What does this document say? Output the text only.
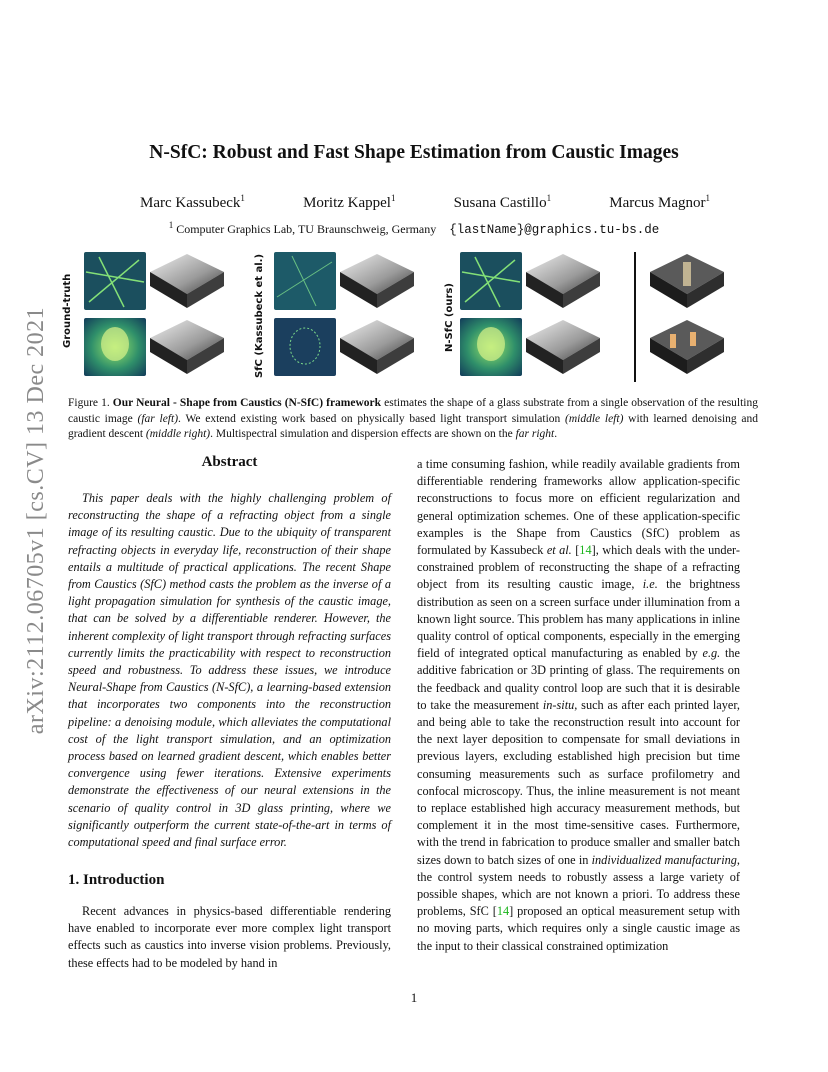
arXiv:2112.06705v1 [cs.CV] 13 Dec 2021
N-SfC: Robust and Fast Shape Estimation from Caustic Images
Marc Kassubeck$^1$	Moritz Kappel$^1$	Susana Castillo$^1$	Marcus Magnor$^1$
$^1$ Computer Graphics Lab, TU Braunschweig, Germany {lastName}@graphics.tu-bs.de
Ground-truth	SfC (Kassubeck et al.)	N-SfC (ours)
Figure 1. Our Neural - Shape from Caustics (N-SfC) framework estimates the shape of a glass substrate from a single observation of the resulting caustic image (far left). We extend existing work based on physically based light transport simulation (middle left) with learned denoising and gradient descent (middle right). Multispectral simulation and dispersion effects are shown on the far right.
Abstract
This paper deals with the highly challenging problem of reconstructing the shape of a refracting object from a single image of its resulting caustic. Due to the ubiquity of transparent refracting objects in everyday life, reconstruction of their shape entails a multitude of practical applications. The recent Shape from Caustics (SfC) method casts the problem as the inverse of a light propagation simulation for synthesis of the caustic image, that can be solved by a differentiable renderer. However, the inherent complexity of light transport through refracting surfaces currently limits the practicability with respect to reconstruction speed and robustness. To address these issues, we introduce Neural-Shape from Caustics (N-SfC), a learning-based extension that incorporates two components into the reconstruction pipeline: a denoising module, which alleviates the computational cost of the light transport simulation, and an optimization process based on learned gradient descent, which enables better convergence using fewer iterations. Extensive experiments demonstrate the effectiveness of our neural extensions in the scenario of quality control in 3D glass printing, where we significantly outperform the current state-of-the-art in terms of computational speed and final surface error.
1. Introduction
Recent advances in physics-based differentiable rendering have enabled to incorporate ever more complex light transport effects such as caustics into inverse vision problems. Previously, these effects had to be modeled by hand in
a time consuming fashion, while readily available gradients from differentiable rendering frameworks allow application-specific reconstructions to focus more on efficient regularization and general optimization schemes. One of these application-specific examples is the Shape from Caustics (SfC) problem as formulated by Kassubeck et al. [14], which deals with the under-constrained problem of reconstructing the shape of a refracting object from its resulting caustic image, i.e. the brightness distribution as seen on a screen surface under illumination from a known light source. This problem has many applications in inline quality control of optical components, especially in the emerging field of integrated optical manufacturing as enabled by e.g. the additive fabrication or 3D printing of glass. The requirements on the feedback and quality control loop are such that it is desirable to take the measurement in-situ, such as after each printed layer, and being able to take the reconstruction result into account for the next layer deposition to compensate for small deviations in previous layers, excluding established high precision but time consuming measurements such as surface profilometry and confocal microscopy. Thus, the inline measurement is not meant to replace established high accuracy measurement methods, but complement it in the most time-sensitive cases. Furthermore, with the trend in fabrication to produce smaller and smaller batch sizes down to batch sizes of one in individualized manufacturing, the control system needs to robustly assess a large variety of possible shapes, which are not known a priori. To address these problems, SfC [14] proposed an optical measurement setup with no moving parts, which requires only a single caustic image as the input to their classical constrained optimization
1
